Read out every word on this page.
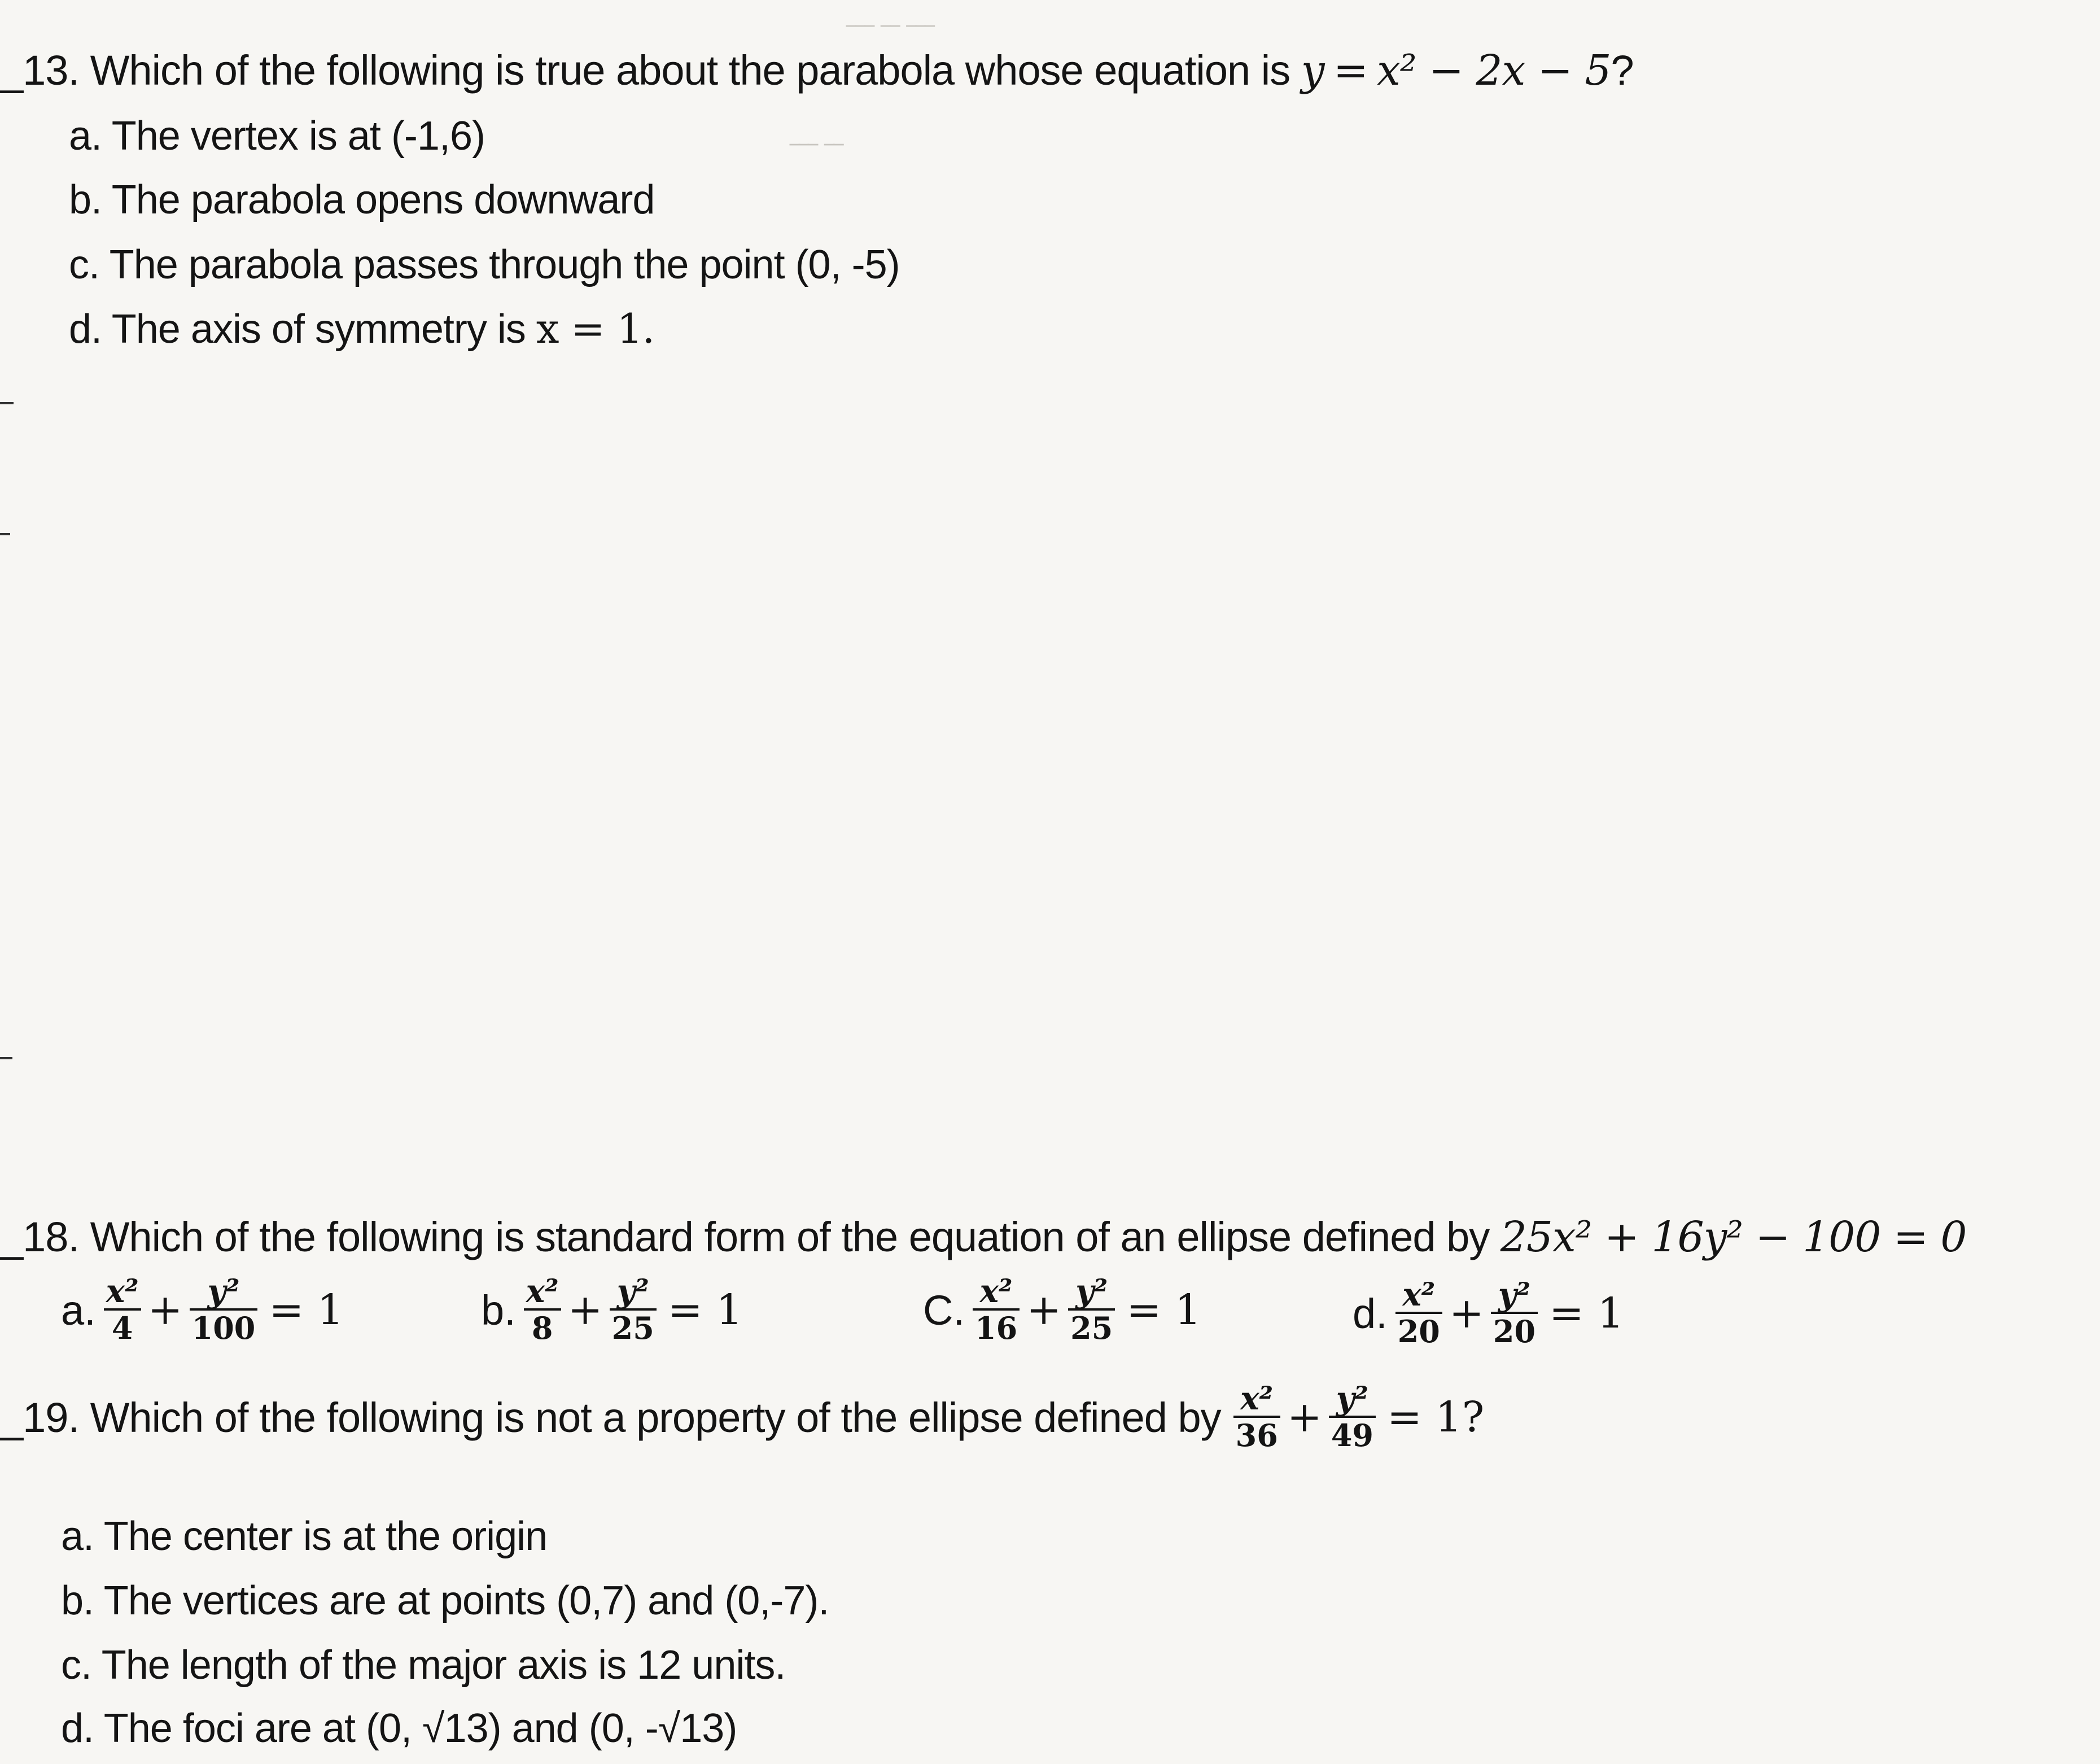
‾‾‾ ‾‾ ‾‾‾
‾‾‾ ‾‾
_13. Which of the following is true about the parabola whose equation is y = x² − 2x − 5?
a. The vertex is at (-1,6)
b. The parabola opens downward
c. The parabola passes through the point (0, -5)
d. The axis of symmetry is x = 1.
_18. Which of the following is standard form of the equation of an ellipse defined by 25x² + 16y² − 100 = 0
a. $\frac{\text{x²}}{4} + \frac{\text{y²}}{100} = 1$	b. $\frac{\text{x²}}{8} + \frac{\text{y²}}{25} = 1$	C. $\frac{\text{x²}}{16} + \frac{\text{y²}}{25} = 1$	d. $\frac{\text{x²}}{20} + \frac{\text{y²}}{20} = 1$
_19. Which of the following is not a property of the ellipse defined by $\frac{\text{x²}}{36} + \frac{\text{y²}}{49} = 1$?
a. The center is at the origin
b. The vertices are at points (0,7) and (0,-7).
c. The length of the major axis is 12 units.
d. The foci are at (0, √13) and (0, -√13)
